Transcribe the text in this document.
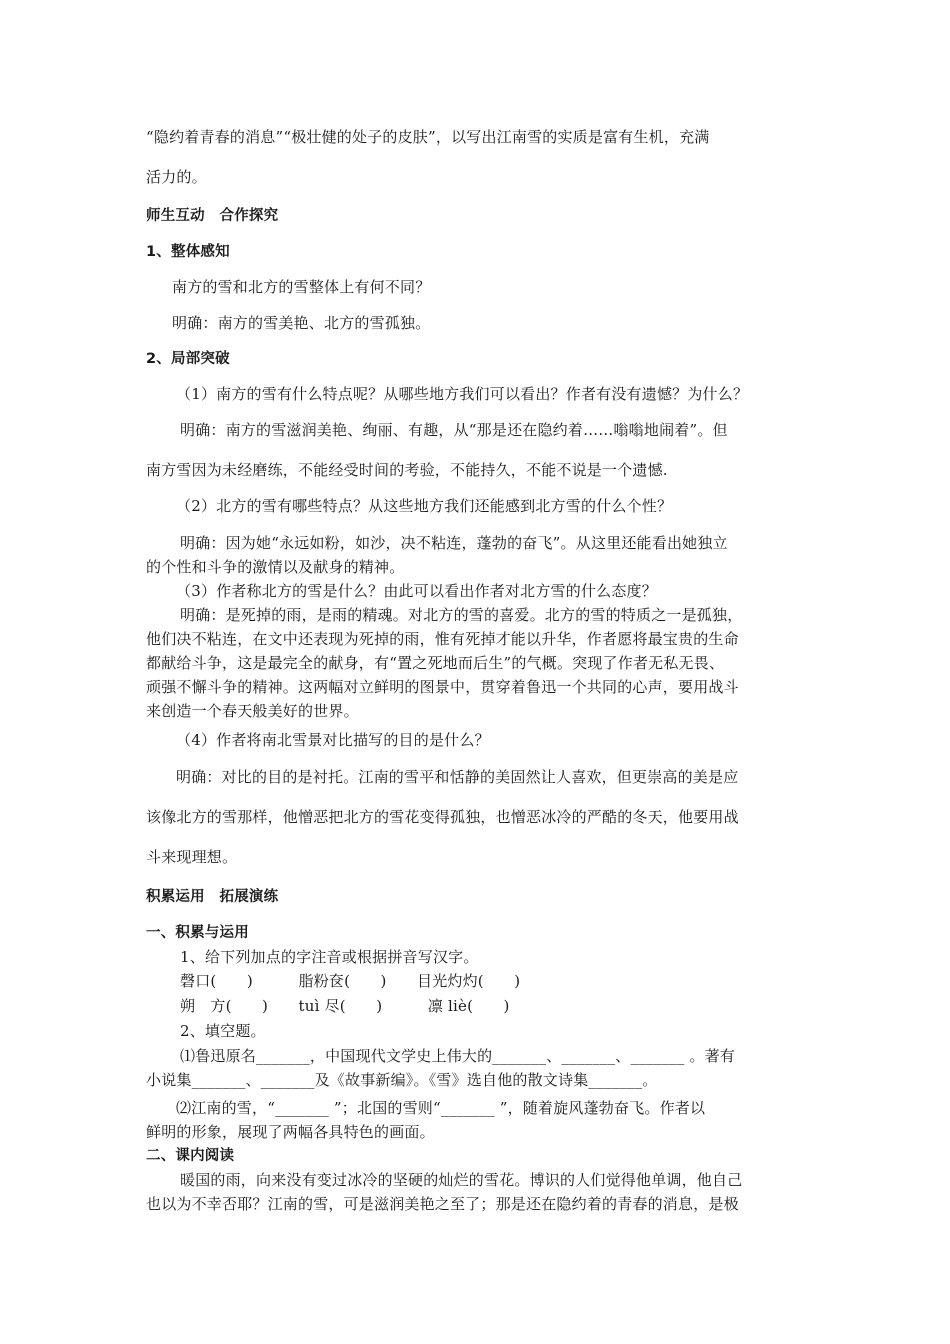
“隐约着青春的消息”“极壮健的处子的皮肤”，以写出江南雪的实质是富有生机，充满
活力的。
师生互动　合作探究
1、整体感知
南方的雪和北方的雪整体上有何不同？
明确：南方的雪美艳、北方的雪孤独。
2、局部突破
（1）南方的雪有什么特点呢？从哪些地方我们可以看出？作者有没有遗憾？为什么？
明确：南方的雪滋润美艳、绚丽、有趣，从“那是还在隐约着……嗡嗡地闹着”。但
南方雪因为未经磨练，不能经受时间的考验，不能持久，不能不说是一个遗憾.
（2）北方的雪有哪些特点？从这些地方我们还能感到北方雪的什么个性？
明确：因为她“永远如粉，如沙，决不粘连，蓬勃的奋飞”。从这里还能看出她独立
的个性和斗争的激情以及献身的精神。
（3）作者称北方的雪是什么？由此可以看出作者对北方雪的什么态度？
明确：是死掉的雨，是雨的精魂。对北方的雪的喜爱。北方的雪的特质之一是孤独，
他们决不粘连，在文中还表现为死掉的雨，惟有死掉才能以升华，作者愿将最宝贵的生命
都献给斗争，这是最完全的献身，有“置之死地而后生”的气概。突现了作者无私无畏、
顽强不懈斗争的精神。这两幅对立鲜明的图景中，贯穿着鲁迅一个共同的心声，要用战斗
来创造一个春天般美好的世界。
（4）作者将南北雪景对比描写的目的是什么？
明确：对比的目的是衬托。江南的雪平和恬静的美固然让人喜欢，但更崇高的美是应
该像北方的雪那样，他憎恶把北方的雪花变得孤独，也憎恶冰冷的严酷的冬天，他要用战
斗来现理想。
积累运用　拓展演练
一、积累与运用
1、给下列加点的字注音或根据拼音写汉字。
磬口(　　)　　　脂粉奁(　　)　　目光灼灼(　　)
朔　方(　　)　　tuì 尽(　　)　　　凛 liè(　　)
2、填空题。
⑴鲁迅原名_______，中国现代文学史上伟大的_______、_______、_______ 。著有
小说集_______、_______及《故事新编》。《雪》选自他的散文诗集_______。
⑵江南的雪，“_______ ”；北国的雪则“_______ ”，随着旋风蓬勃奋飞。作者以
鲜明的形象，展现了两幅各具特色的画面。
二、课内阅读
暖国的雨，向来没有变过冰冷的坚硬的灿烂的雪花。博识的人们觉得他单调，他自己
也以为不幸否耶？江南的雪，可是滋润美艳之至了；那是还在隐约着的青春的消息，是极
